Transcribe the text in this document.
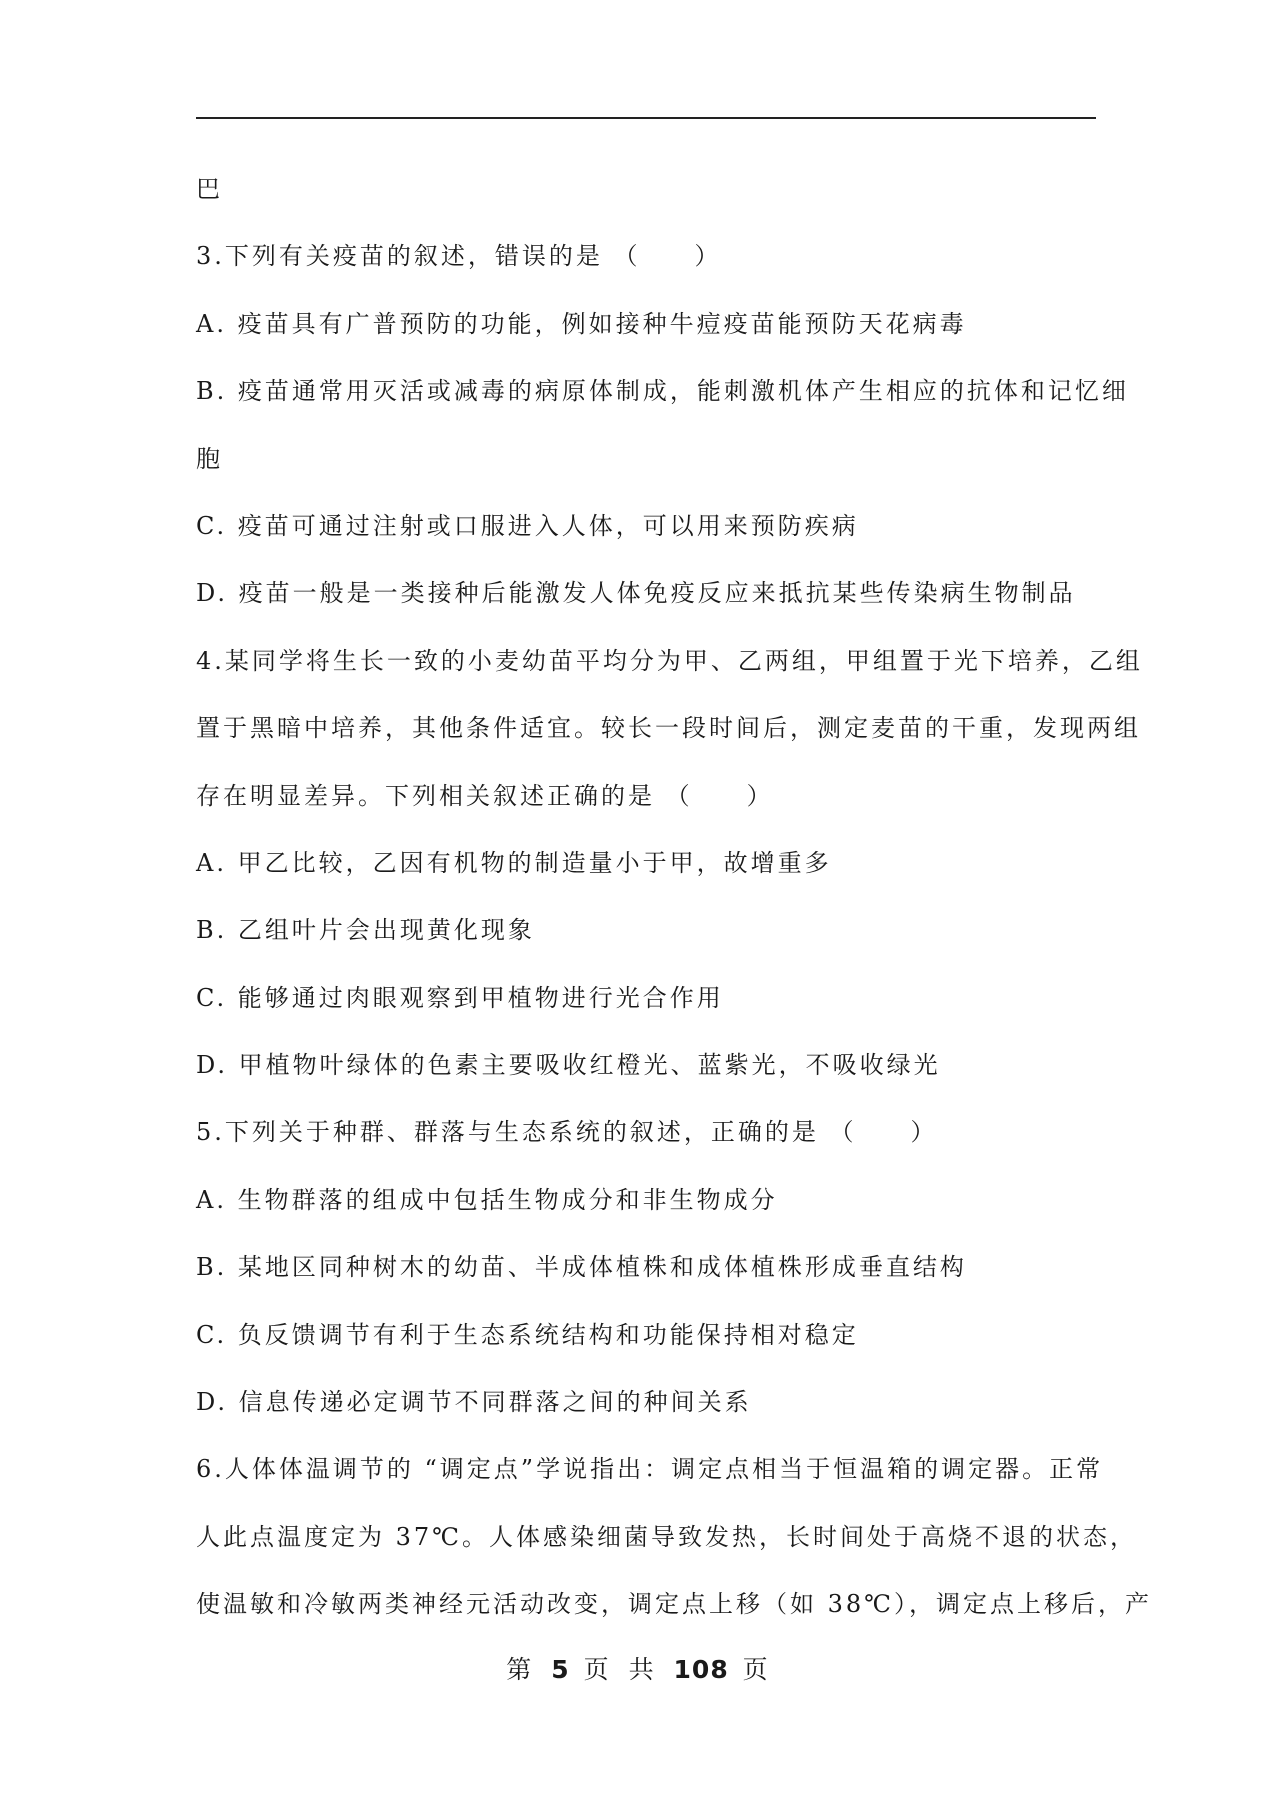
巴
3.下列有关疫苗的叙述，错误的是 （　　）
A. 疫苗具有广普预防的功能，例如接种牛痘疫苗能预防天花病毒
B. 疫苗通常用灭活或减毒的病原体制成，能刺激机体产生相应的抗体和记忆细
胞
C. 疫苗可通过注射或口服进入人体，可以用来预防疾病
D. 疫苗一般是一类接种后能激发人体免疫反应来抵抗某些传染病生物制品
4.某同学将生长一致的小麦幼苗平均分为甲、乙两组，甲组置于光下培养，乙组
置于黑暗中培养，其他条件适宜。较长一段时间后，测定麦苗的干重，发现两组
存在明显差异。下列相关叙述正确的是 （　　）
A. 甲乙比较，乙因有机物的制造量小于甲，故增重多
B. 乙组叶片会出现黄化现象
C. 能够通过肉眼观察到甲植物进行光合作用
D. 甲植物叶绿体的色素主要吸收红橙光、蓝紫光，不吸收绿光
5.下列关于种群、群落与生态系统的叙述，正确的是 （　　）
A. 生物群落的组成中包括生物成分和非生物成分
B. 某地区同种树木的幼苗、半成体植株和成体植株形成垂直结构
C. 负反馈调节有利于生态系统结构和功能保持相对稳定
D. 信息传递必定调节不同群落之间的种间关系
6.人体体温调节的 “调定点”学说指出：调定点相当于恒温箱的调定器。正常
人此点温度定为 37℃。人体感染细菌导致发热，长时间处于高烧不退的状态，
使温敏和冷敏两类神经元活动改变，调定点上移（如 38℃），调定点上移后，产
第 5 页 共 108 页
